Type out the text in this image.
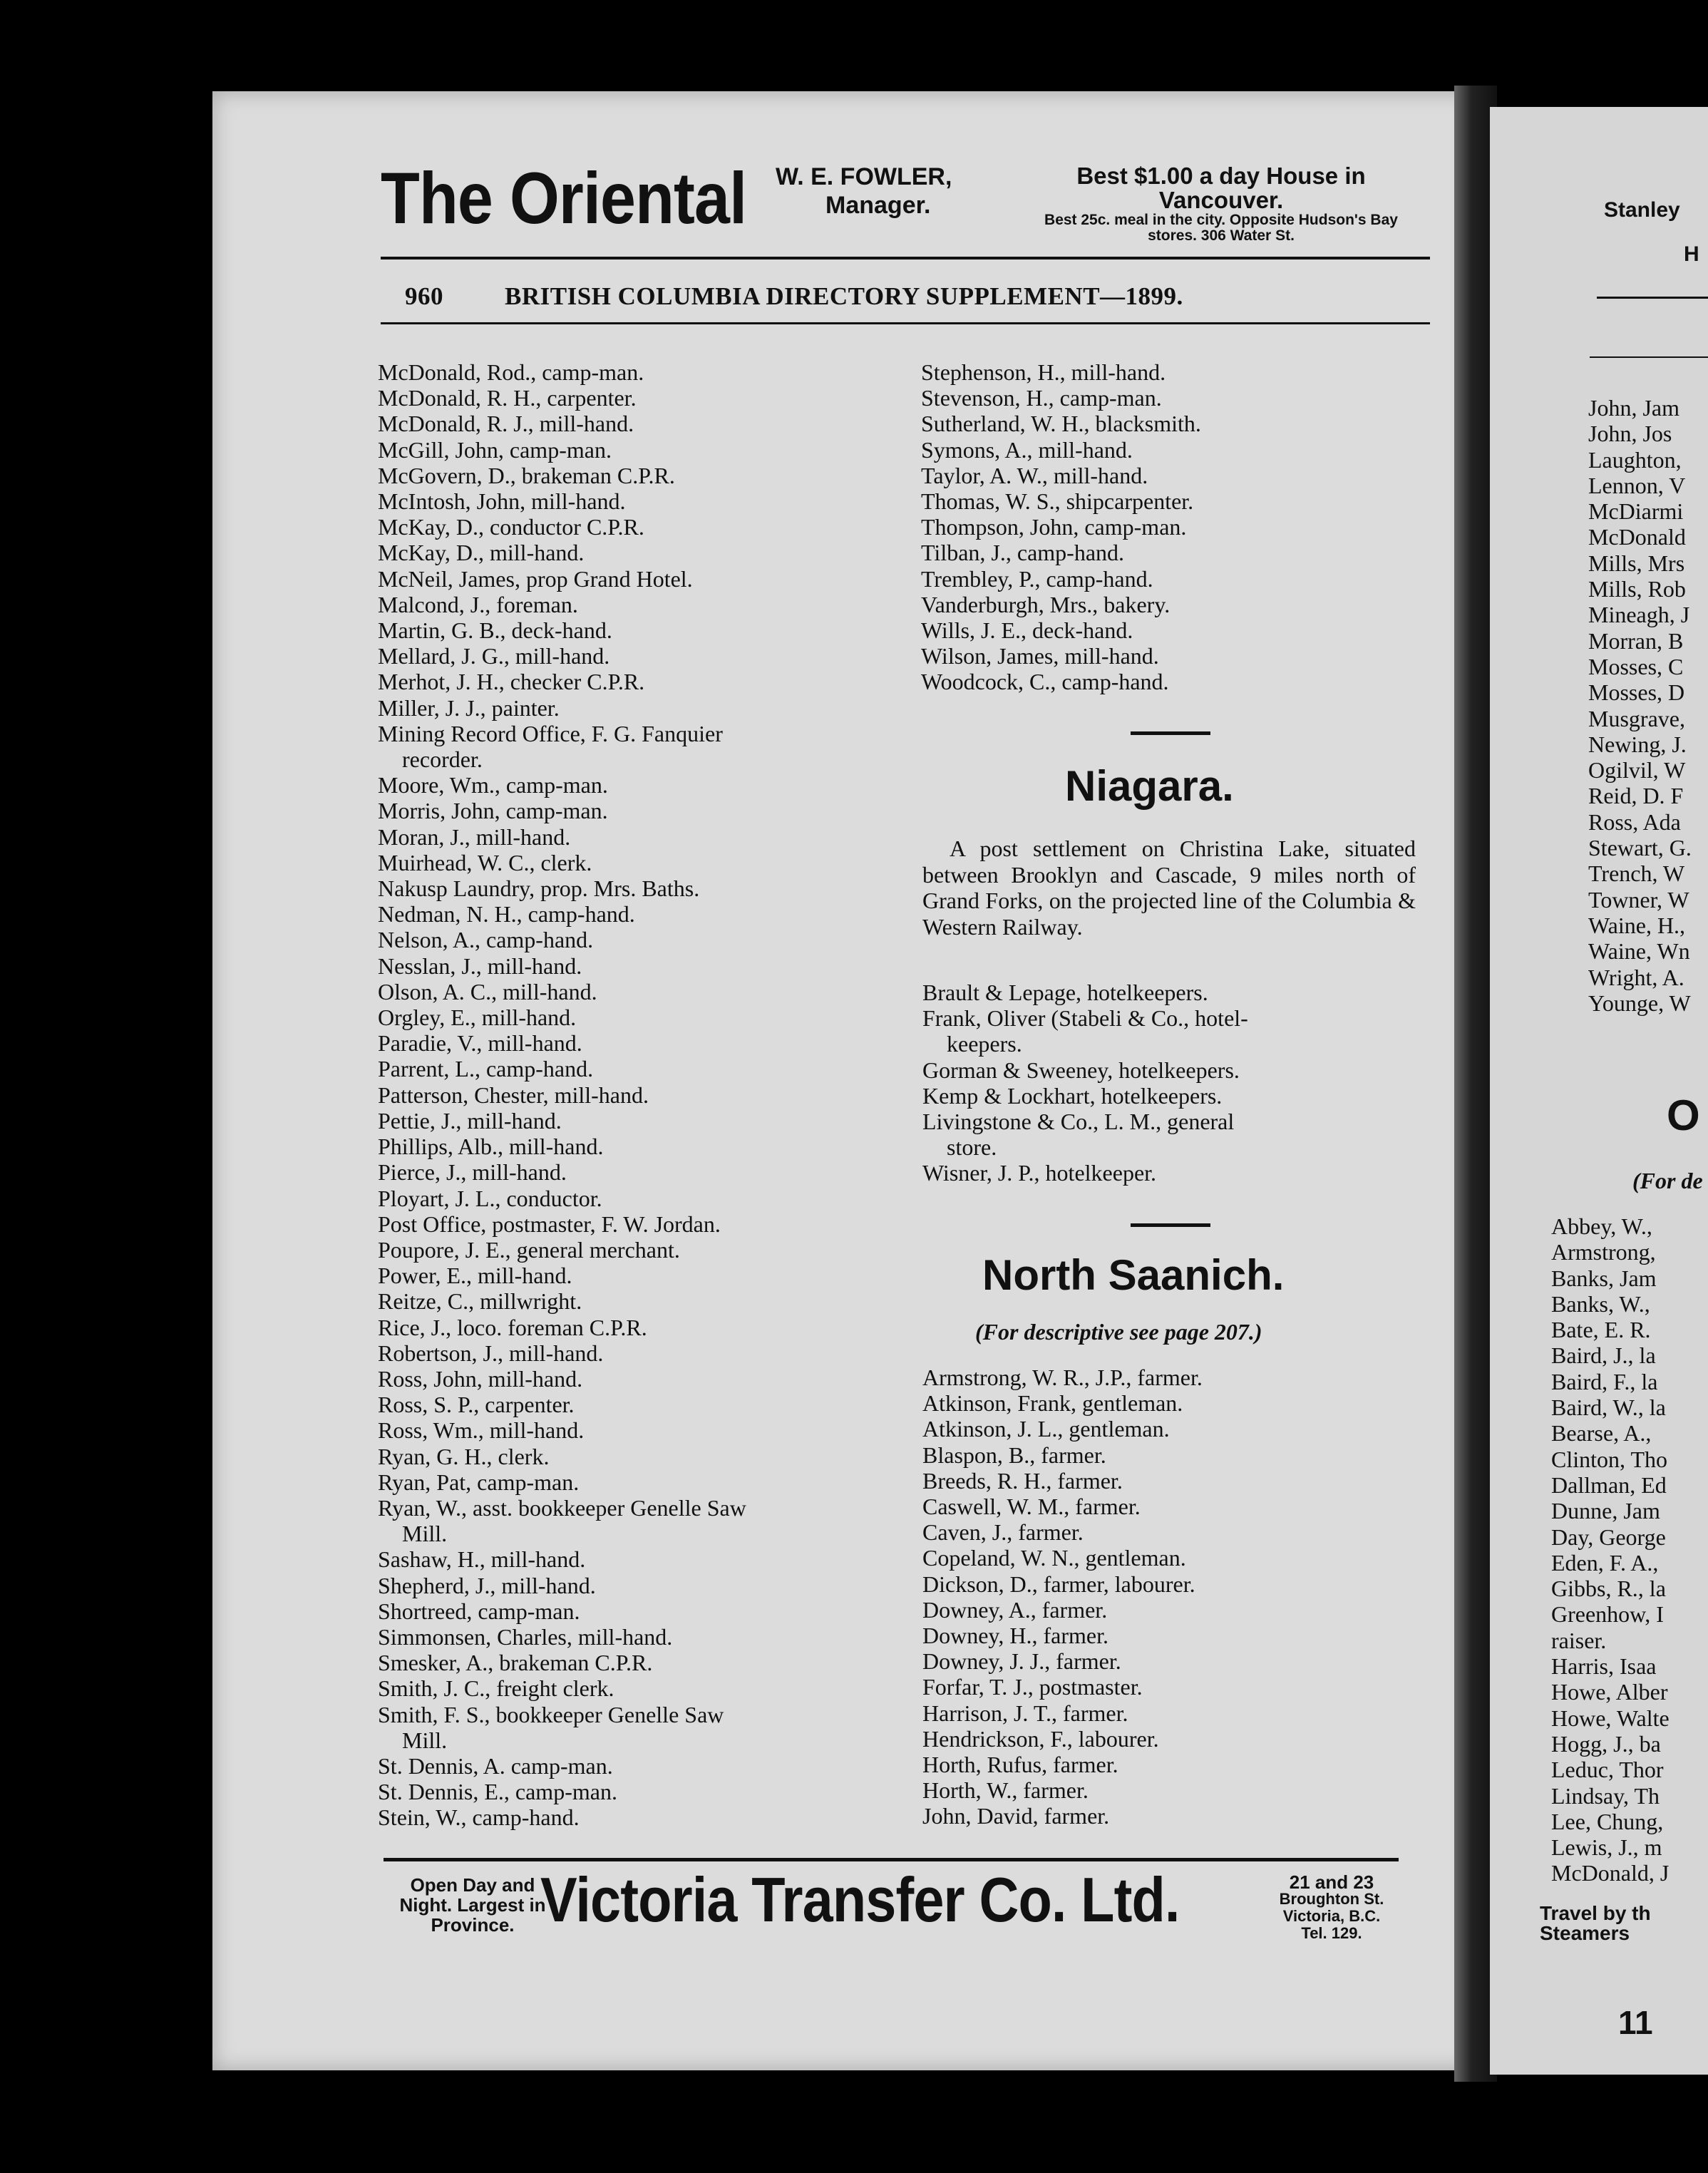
The Oriental W. E. FOWLER,
Manager.
Best $1.00 a day House in Vancouver.
Best 25c. meal in the city. Opposite Hudson's Bay stores. 306 Water St.
960 BRITISH COLUMBIA DIRECTORY SUPPLEMENT—1899.
McDonald, Rod., camp-man.
McDonald, R. H., carpenter.
McDonald, R. J., mill-hand.
McGill, John, camp-man.
McGovern, D., brakeman C.P.R.
McIntosh, John, mill-hand.
McKay, D., conductor C.P.R.
McKay, D., mill-hand.
McNeil, James, prop Grand Hotel.
Malcond, J., foreman.
Martin, G. B., deck-hand.
Mellard, J. G., mill-hand.
Merhot, J. H., checker C.P.R.
Miller, J. J., painter.
Mining Record Office, F. G. Fanquier
recorder.
Moore, Wm., camp-man.
Morris, John, camp-man.
Moran, J., mill-hand.
Muirhead, W. C., clerk.
Nakusp Laundry, prop. Mrs. Baths.
Nedman, N. H., camp-hand.
Nelson, A., camp-hand.
Nesslan, J., mill-hand.
Olson, A. C., mill-hand.
Orgley, E., mill-hand.
Paradie, V., mill-hand.
Parrent, L., camp-hand.
Patterson, Chester, mill-hand.
Pettie, J., mill-hand.
Phillips, Alb., mill-hand.
Pierce, J., mill-hand.
Ployart, J. L., conductor.
Post Office, postmaster, F. W. Jordan.
Poupore, J. E., general merchant.
Power, E., mill-hand.
Reitze, C., millwright.
Rice, J., loco. foreman C.P.R.
Robertson, J., mill-hand.
Ross, John, mill-hand.
Ross, S. P., carpenter.
Ross, Wm., mill-hand.
Ryan, G. H., clerk.
Ryan, Pat, camp-man.
Ryan, W., asst. bookkeeper Genelle Saw
Mill.
Sashaw, H., mill-hand.
Shepherd, J., mill-hand.
Shortreed, camp-man.
Simmonsen, Charles, mill-hand.
Smesker, A., brakeman C.P.R.
Smith, J. C., freight clerk.
Smith, F. S., bookkeeper Genelle Saw
Mill.
St. Dennis, A. camp-man.
St. Dennis, E., camp-man.
Stein, W., camp-hand.
Stephenson, H., mill-hand.
Stevenson, H., camp-man.
Sutherland, W. H., blacksmith.
Symons, A., mill-hand.
Taylor, A. W., mill-hand.
Thomas, W. S., shipcarpenter.
Thompson, John, camp-man.
Tilban, J., camp-hand.
Trembley, P., camp-hand.
Vanderburgh, Mrs., bakery.
Wills, J. E., deck-hand.
Wilson, James, mill-hand.
Woodcock, C., camp-hand.
Niagara.

A post settlement on Christina Lake, situated between Brooklyn and Cascade, 9 miles north of Grand Forks, on the projected line of the Columbia & Western Railway.

Brault & Lepage, hotelkeepers.
Frank, Oliver (Stabeli & Co., hotel-
keepers.
Gorman & Sweeney, hotelkeepers.
Kemp & Lockhart, hotelkeepers.
Livingstone & Co., L. M., general
store.
Wisner, J. P., hotelkeeper.
North Saanich.
(For descriptive see page 207.)
Armstrong, W. R., J.P., farmer.
Atkinson, Frank, gentleman.
Atkinson, J. L., gentleman.
Blaspon, B., farmer.
Breeds, R. H., farmer.
Caswell, W. M., farmer.
Caven, J., farmer.
Copeland, W. N., gentleman.
Dickson, D., farmer, labourer.
Downey, A., farmer.
Downey, H., farmer.
Downey, J. J., farmer.
Forfar, T. J., postmaster.
Harrison, J. T., farmer.
Hendrickson, F., labourer.
Horth, Rufus, farmer.
Horth, W., farmer.
John, David, farmer.
Open Day and Night. Largest in Province. Victoria Transfer Co. Ltd.	21 and 23
Broughton St.
Victoria, B.C.
Tel. 129.
Stanley
H
John, Jam
John, Jos
Laughton,
Lennon, V
McDiarmi
McDonald
Mills, Mrs
Mills, Rob
Mineagh, J
Morran, B
Mosses, C
Mosses, D
Musgrave,
Newing, J.
Ogilvil, W
Reid, D. F
Ross, Ada
Stewart, G.
Trench, W
Towner, W
Waine, H.,
Waine, Wn
Wright, A.
Younge, W
O
(For de
Abbey, W.,
Armstrong,
Banks, Jam
Banks, W.,
Bate, E. R.
Baird, J., la
Baird, F., la
Baird, W., la
Bearse, A.,
Clinton, Tho
Dallman, Ed
Dunne, Jam
Day, George
Eden, F. A.,
Gibbs, R., la
Greenhow, I
raiser.
Harris, Isaa
Howe, Alber
Howe, Walte
Hogg, J., ba
Leduc, Thor
Lindsay, Th
Lee, Chung,
Lewis, J., m
McDonald, J
Travel by th
Steamers
11
